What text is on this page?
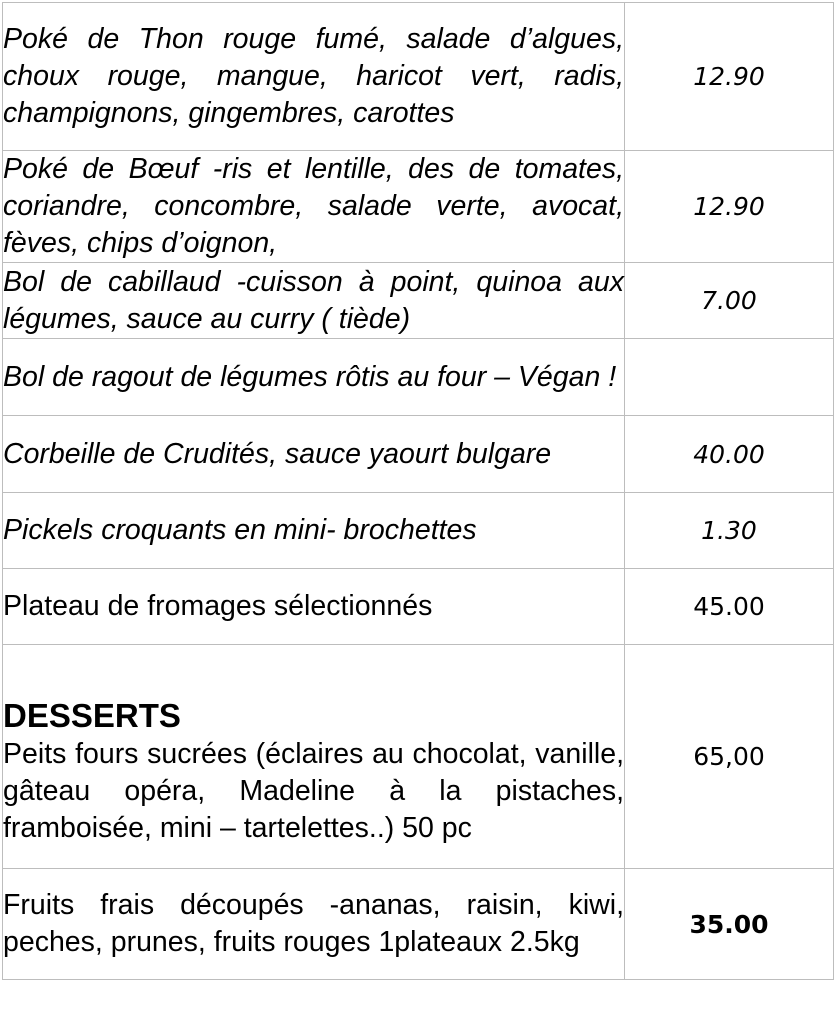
Poké de Thon rouge fumé, salade d’algues, choux rouge, mangue, haricot vert, radis, champignons, gingembres, carottes	12.90
Poké de Bœuf -ris et lentille, des de tomates, coriandre, concombre, salade verte, avocat, fèves, chips d’oignon,	12.90
Bol de cabillaud -cuisson à point, quinoa aux légumes, sauce au curry ( tiède)	7.00
Bol de ragout de légumes rôtis au four – Végan !	
Corbeille de Crudités, sauce yaourt bulgare	40.00
Pickels croquants en mini- brochettes	1.30
Plateau de fromages sélectionnés	45.00

DESSERTS
Peits fours sucrées (éclaires au chocolat, vanille, gâteau opéra, Madeline à la pistaches, framboisée, mini – tartelettes..) 50 pc	65,00
Fruits frais découpés -ananas, raisin, kiwi, peches, prunes, fruits rouges 1plateaux 2.5kg	35.00
